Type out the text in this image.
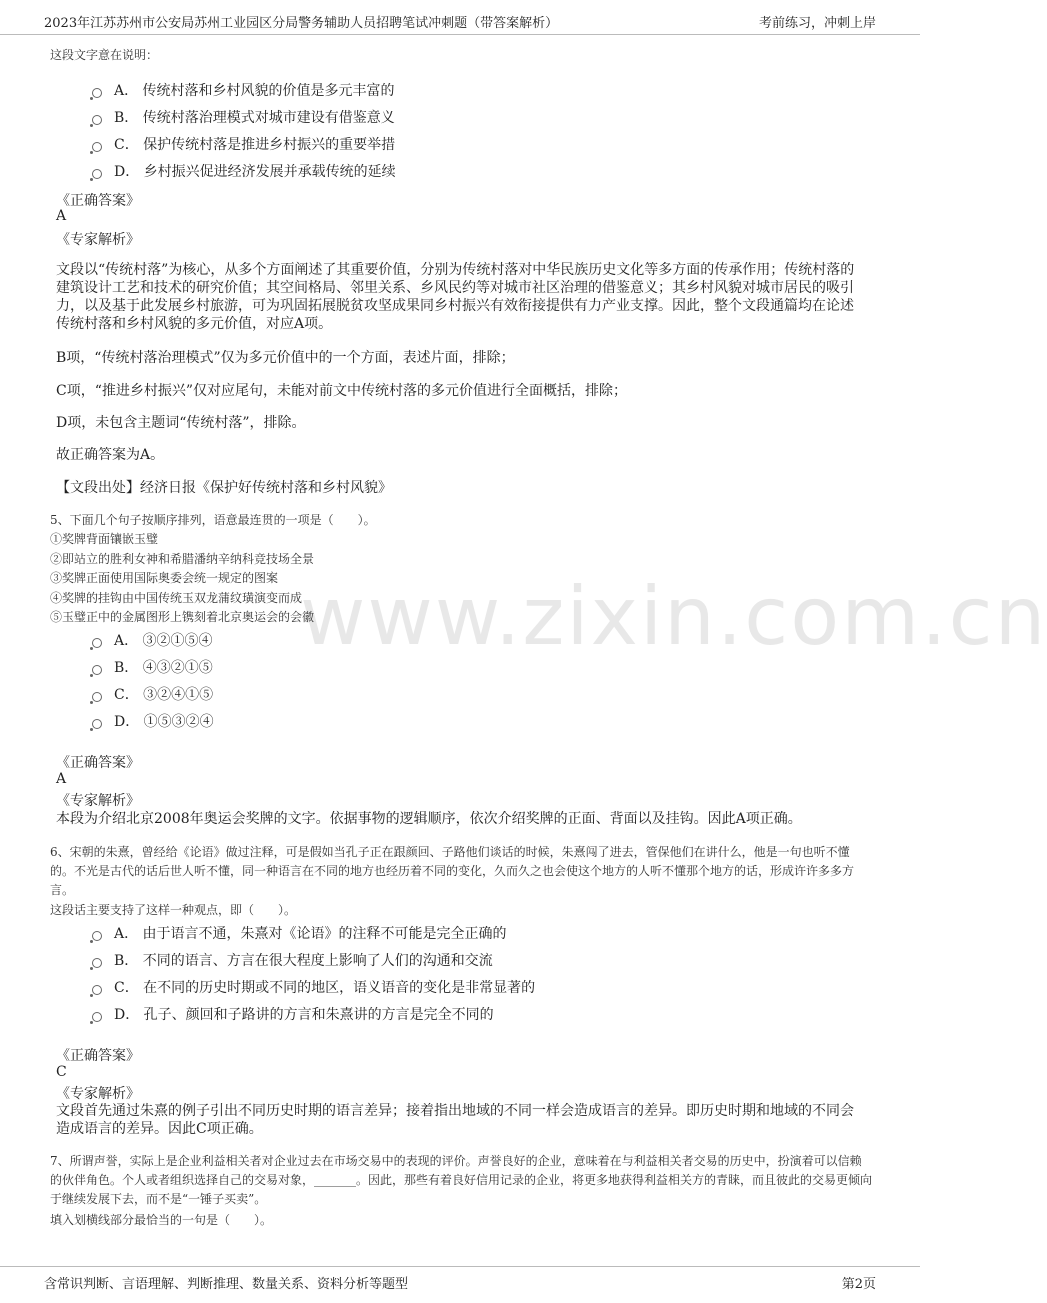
2023年江苏苏州市公安局苏州工业园区分局警务辅助人员招聘笔试冲刺题（带答案解析）	考前练习，冲刺上岸
www.zixin.com.cn
这段文字意在说明：
A． 传统村落和乡村风貌的价值是多元丰富的
B． 传统村落治理模式对城市建设有借鉴意义
C． 保护传统村落是推进乡村振兴的重要举措
D． 乡村振兴促进经济发展并承载传统的延续
《正确答案》
A
《专家解析》
文段以“传统村落”为核心，从多个方面阐述了其重要价值，分别为传统村落对中华民族历史文化等多方面的传承作用；传统村落的建筑设计工艺和技术的研究价值；其空间格局、邻里关系、乡风民约等对城市社区治理的借鉴意义；其乡村风貌对城市居民的吸引力，以及基于此发展乡村旅游，可为巩固拓展脱贫攻坚成果同乡村振兴有效衔接提供有力产业支撑。因此，整个文段通篇均在论述传统村落和乡村风貌的多元价值，对应A项。
B项，“传统村落治理模式”仅为多元价值中的一个方面，表述片面，排除；
C项，“推进乡村振兴”仅对应尾句，未能对前文中传统村落的多元价值进行全面概括，排除；
D项，未包含主题词“传统村落”，排除。
故正确答案为A。
【文段出处】经济日报《保护好传统村落和乡村风貌》
5、下面几个句子按顺序排列，语意最连贯的一项是（　　）。
①奖牌背面镶嵌玉璧
②即站立的胜利女神和希腊潘纳辛纳科竞技场全景
③奖牌正面使用国际奥委会统一规定的图案
④奖牌的挂钩由中国传统玉双龙蒲纹璜演变而成
⑤玉璧正中的金属图形上镌刻着北京奥运会的会徽
A． ③②①⑤④
B． ④③②①⑤
C． ③②④①⑤
D． ①⑤③②④
《正确答案》
A
《专家解析》
本段为介绍北京2008年奥运会奖牌的文字。依据事物的逻辑顺序，依次介绍奖牌的正面、背面以及挂钩。因此A项正确。
6、宋朝的朱熹，曾经给《论语》做过注释，可是假如当孔子正在跟颜回、子路他们谈话的时候，朱熹闯了进去，管保他们在讲什么，他是一句也听不懂的。不光是古代的话后世人听不懂，同一种语言在不同的地方也经历着不同的变化，久而久之也会使这个地方的人听不懂那个地方的话，形成许许多多方言。
这段话主要支持了这样一种观点，即（　　）。
A． 由于语言不通，朱熹对《论语》的注释不可能是完全正确的
B． 不同的语言、方言在很大程度上影响了人们的沟通和交流
C． 在不同的历史时期或不同的地区，语义语音的变化是非常显著的
D． 孔子、颜回和子路讲的方言和朱熹讲的方言是完全不同的
《正确答案》
C
《专家解析》
文段首先通过朱熹的例子引出不同历史时期的语言差异；接着指出地域的不同一样会造成语言的差异。即历史时期和地域的不同会造成语言的差异。因此C项正确。
7、所谓声誉，实际上是企业利益相关者对企业过去在市场交易中的表现的评价。声誉良好的企业，意味着在与利益相关者交易的历史中，扮演着可以信赖的伙伴角色。个人或者组织选择自己的交易对象，_______。因此，那些有着良好信用记录的企业，将更多地获得利益相关方的青睐，而且彼此的交易更倾向于继续发展下去，而不是“一锤子买卖”。
填入划横线部分最恰当的一句是（　　）。
含常识判断、言语理解、判断推理、数量关系、资料分析等题型	第2页
